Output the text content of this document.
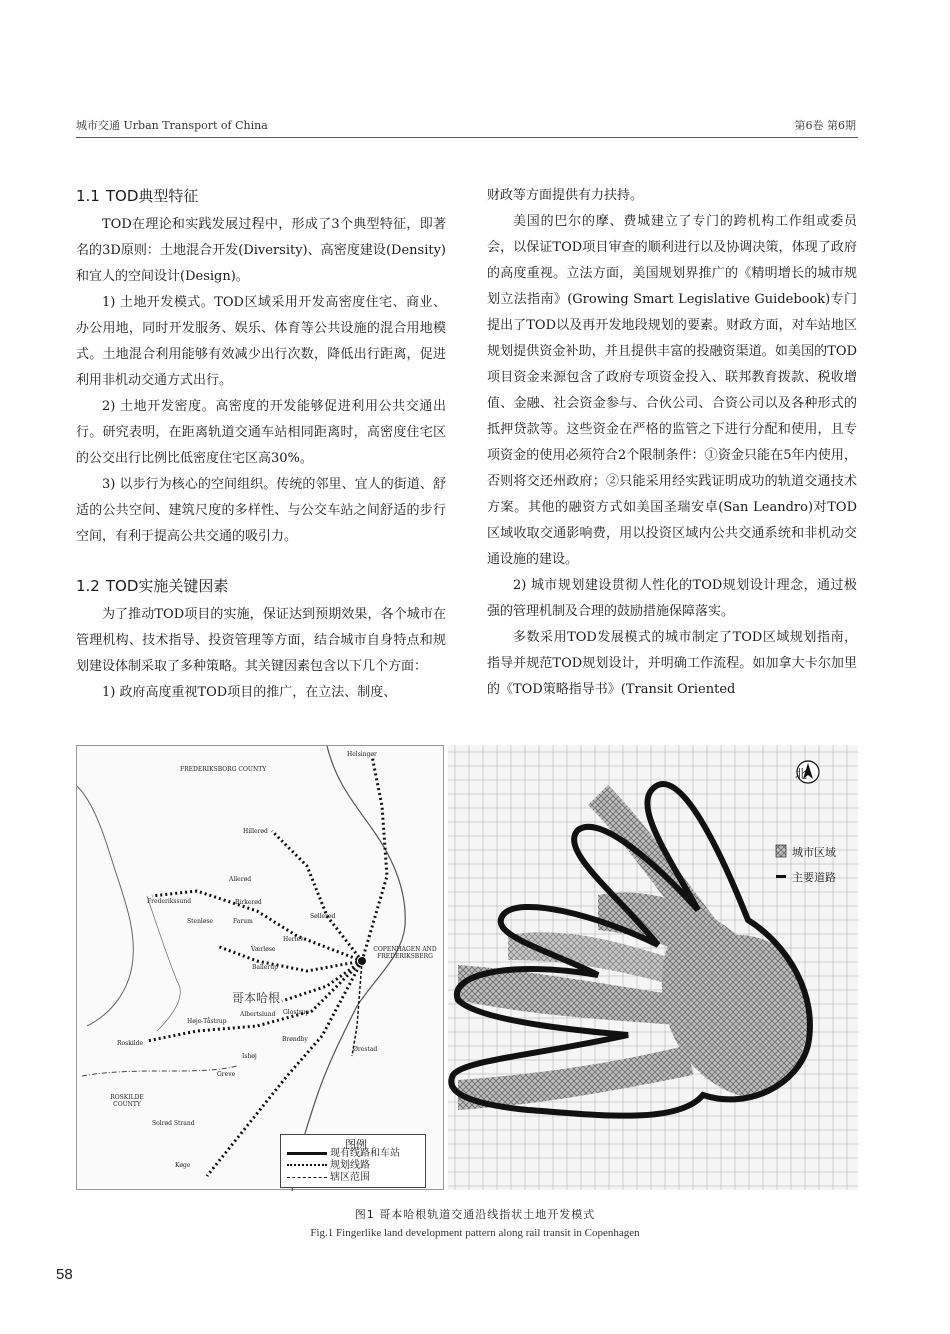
城市交通 Urban Transport of China	第6卷 第6期
1.1 TOD典型特征

TOD在理论和实践发展过程中，形成了3个典型特征，即著名的3D原则：土地混合开发(Diversity)、高密度建设(Density)和宜人的空间设计(Design)。

1) 土地开发模式。TOD区域采用开发高密度住宅、商业、办公用地，同时开发服务、娱乐、体育等公共设施的混合用地模式。土地混合利用能够有效减少出行次数，降低出行距离，促进利用非机动交通方式出行。

2) 土地开发密度。高密度的开发能够促进利用公共交通出行。研究表明，在距离轨道交通车站相同距离时，高密度住宅区的公交出行比例比低密度住宅区高30%。

3) 以步行为核心的空间组织。传统的邻里、宜人的街道、舒适的公共空间、建筑尺度的多样性、与公交车站之间舒适的步行空间，有利于提高公共交通的吸引力。

1.2 TOD实施关键因素

为了推动TOD项目的实施，保证达到预期效果，各个城市在管理机构、技术指导、投资管理等方面，结合城市自身特点和规划建设体制采取了多种策略。其关键因素包含以下几个方面：

1) 政府高度重视TOD项目的推广，在立法、制度、

财政等方面提供有力扶持。

美国的巴尔的摩、费城建立了专门的跨机构工作组或委员会，以保证TOD项目审查的顺利进行以及协调决策，体现了政府的高度重视。立法方面，美国规划界推广的《精明增长的城市规划立法指南》(Growing Smart Legislative Guidebook)专门提出了TOD以及再开发地段规划的要素。财政方面，对车站地区规划提供资金补助，并且提供丰富的投融资渠道。如美国的TOD项目资金来源包含了政府专项资金投入、联邦教育拨款、税收增值、金融、社会资金参与、合伙公司、合资公司以及各种形式的抵押贷款等。这些资金在严格的监管之下进行分配和使用，且专项资金的使用必须符合2个限制条件：①资金只能在5年内使用，否则将交还州政府；②只能采用经实践证明成功的轨道交通技术方案。其他的融资方式如美国圣瑞安卓(San Leandro)对TOD区域收取交通影响费，用以投资区域内公共交通系统和非机动交通设施的建设。

2) 城市规划建设贯彻人性化的TOD规划设计理念，通过极强的管理机制及合理的鼓励措施保障落实。

多数采用TOD发展模式的城市制定了TOD区域规划指南，指导并规范TOD规划设计，并明确工作流程。如加拿大卡尔加里的《TOD策略指导书》(Transit Oriented

FREDERIKSBORG COUNTY
Helsingør
Hillerød
Allerød
Frederikssund
Stenløse
Birkerød
Farum
Søllerød
Herlev
Værløse
Ballerup
COPENHAGEN AND FREDERIKSBERG
哥本哈根
Høje-Tåstrup
Albertslund Glostrup
Roskilde
Brøndby
Ishøj
Greve
Ørestad
ROSKILDE COUNTY
Solrød Strand
Køge
图例
现有线路和车站
规划线路
辖区范围
北
城市区域
主要道路
图1 哥本哈根轨道交通沿线指状土地开发模式
Fig.1 Fingerlike land development pattern along rail transit in Copenhagen
58
